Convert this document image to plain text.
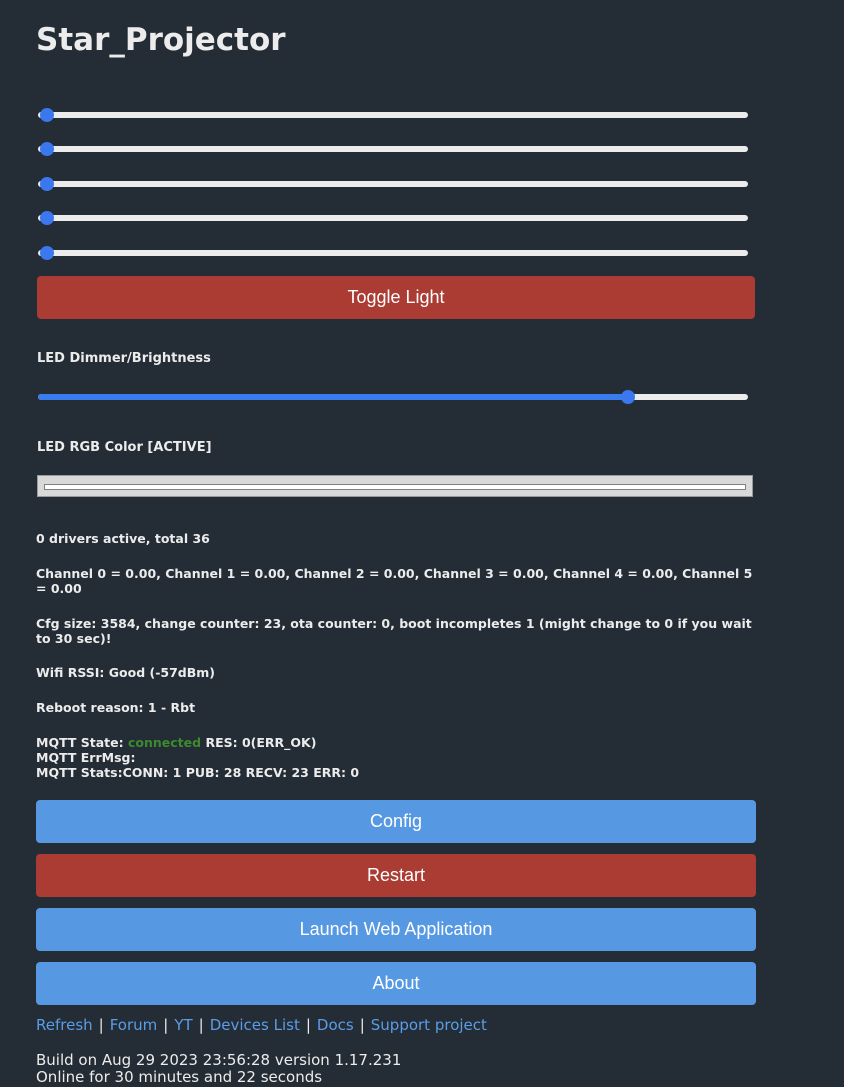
Star_Projector
Toggle Light
LED Dimmer/Brightness
LED RGB Color [ACTIVE]
0 drivers active, total 36
Channel 0 = 0.00, Channel 1 = 0.00, Channel 2 = 0.00, Channel 3 = 0.00, Channel 4 = 0.00, Channel 5 = 0.00
Cfg size: 3584, change counter: 23, ota counter: 0, boot incompletes 1 (might change to 0 if you wait to 30 sec)!
Wifi RSSI: Good (-57dBm)
Reboot reason: 1 - Rbt
MQTT State: connected RES: 0(ERR_OK)
MQTT ErrMsg:
MQTT Stats:CONN: 1 PUB: 28 RECV: 23 ERR: 0
Config
Restart
Launch Web Application
About
Refresh | Forum | YT | Devices List | Docs | Support project
Build on Aug 29 2023 23:56:28 version 1.17.231
Online for 30 minutes and 22 seconds
